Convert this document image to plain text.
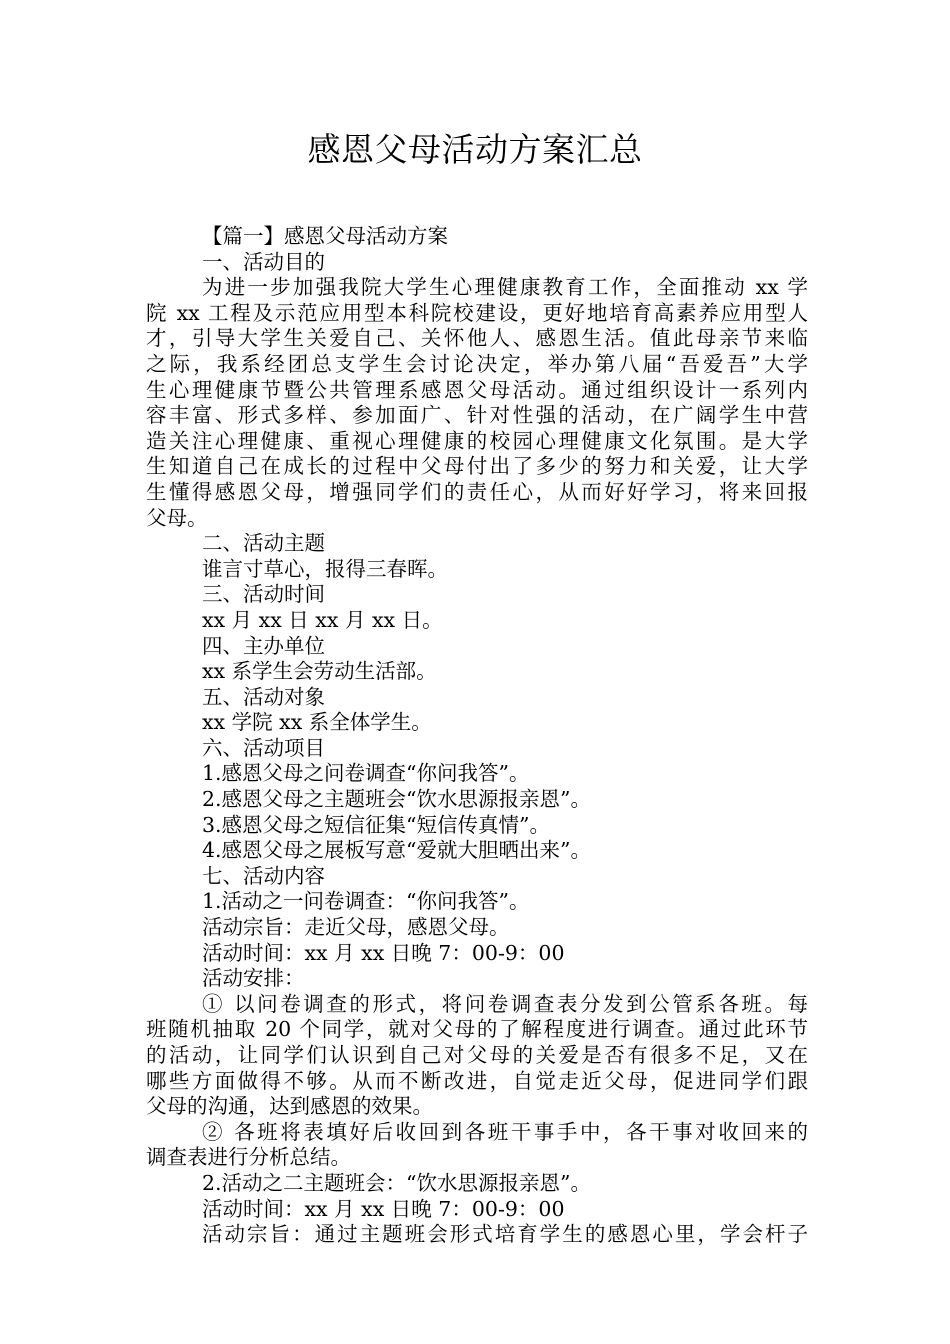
感恩父母活动方案汇总
【篇一】感恩父母活动方案
一、活动目的
为进一步加强我院大学生心理健康教育工作，全面推动 xx 学
院 xx 工程及示范应用型本科院校建设，更好地培育高素养应用型人
才，引导大学生关爱自己、关怀他人、感恩生活。值此母亲节来临
之际，我系经团总支学生会讨论决定，举办第八届“吾爱吾”大学
生心理健康节暨公共管理系感恩父母活动。通过组织设计一系列内
容丰富、形式多样、参加面广、针对性强的活动，在广阔学生中营
造关注心理健康、重视心理健康的校园心理健康文化氛围。是大学
生知道自己在成长的过程中父母付出了多少的努力和关爱，让大学
生懂得感恩父母，增强同学们的责任心，从而好好学习，将来回报
父母。
二、活动主题
谁言寸草心，报得三春晖。
三、活动时间
xx 月 xx 日 xx 月 xx 日。
四、主办单位
xx 系学生会劳动生活部。
五、活动对象
xx 学院 xx 系全体学生。
六、活动项目
1.感恩父母之问卷调查“你问我答”。
2.感恩父母之主题班会“饮水思源报亲恩”。
3.感恩父母之短信征集“短信传真情”。
4.感恩父母之展板写意“爱就大胆晒出来”。
七、活动内容
1.活动之一问卷调查：“你问我答”。
活动宗旨：走近父母，感恩父母。
活动时间：xx 月 xx 日晚 7：00-9：00
活动安排：
① 以问卷调查的形式，将问卷调查表分发到公管系各班。每
班随机抽取 20 个同学，就对父母的了解程度进行调查。通过此环节
的活动，让同学们认识到自己对父母的关爱是否有很多不足，又在
哪些方面做得不够。从而不断改进，自觉走近父母，促进同学们跟
父母的沟通，达到感恩的效果。
② 各班将表填好后收回到各班干事手中，各干事对收回来的
调查表进行分析总结。
2.活动之二主题班会：“饮水思源报亲恩”。
活动时间：xx 月 xx 日晚 7：00-9：00
活动宗旨：通过主题班会形式培育学生的感恩心里，学会杆子
